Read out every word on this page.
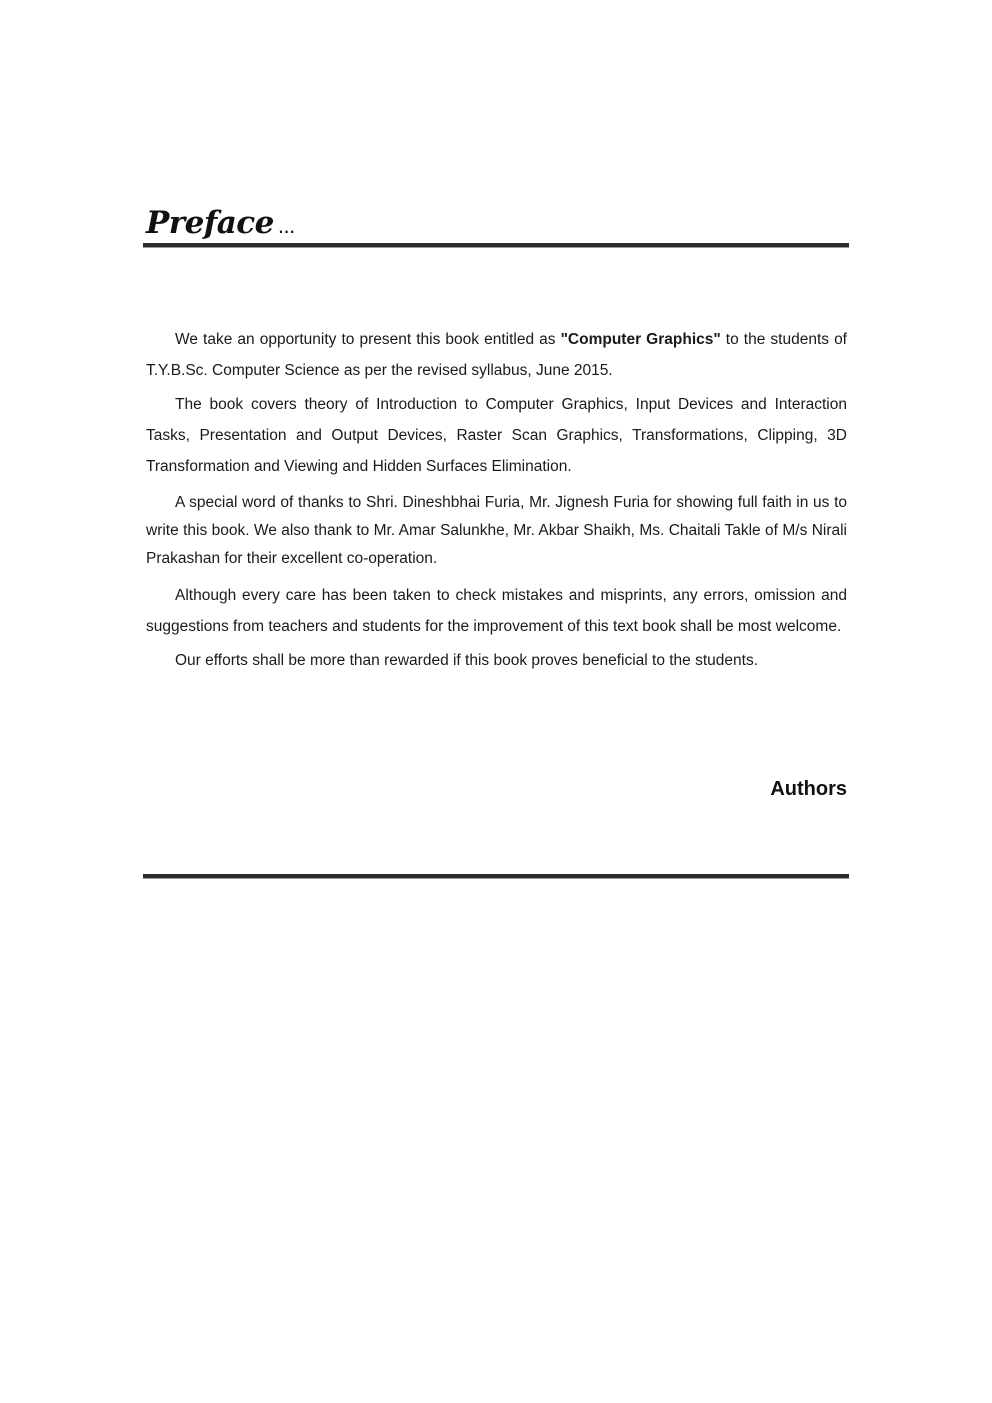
Preface ...

We take an opportunity to present this book entitled as "Computer Graphics" to the students of T.Y.B.Sc. Computer Science as per the revised syllabus, June 2015.

The book covers theory of Introduction to Computer Graphics, Input Devices and Interaction Tasks, Presentation and Output Devices, Raster Scan Graphics, Transformations, Clipping, 3D Transformation and Viewing and Hidden Surfaces Elimination.

A special word of thanks to Shri. Dineshbhai Furia, Mr. Jignesh Furia for showing full faith in us to write this book. We also thank to Mr. Amar Salunkhe, Mr. Akbar Shaikh, Ms. Chaitali Takle of M/s Nirali Prakashan for their excellent co-operation.

Although every care has been taken to check mistakes and misprints, any errors, omission and suggestions from teachers and students for the improvement of this text book shall be most welcome.

Our efforts shall be more than rewarded if this book proves beneficial to the students.

Authors
